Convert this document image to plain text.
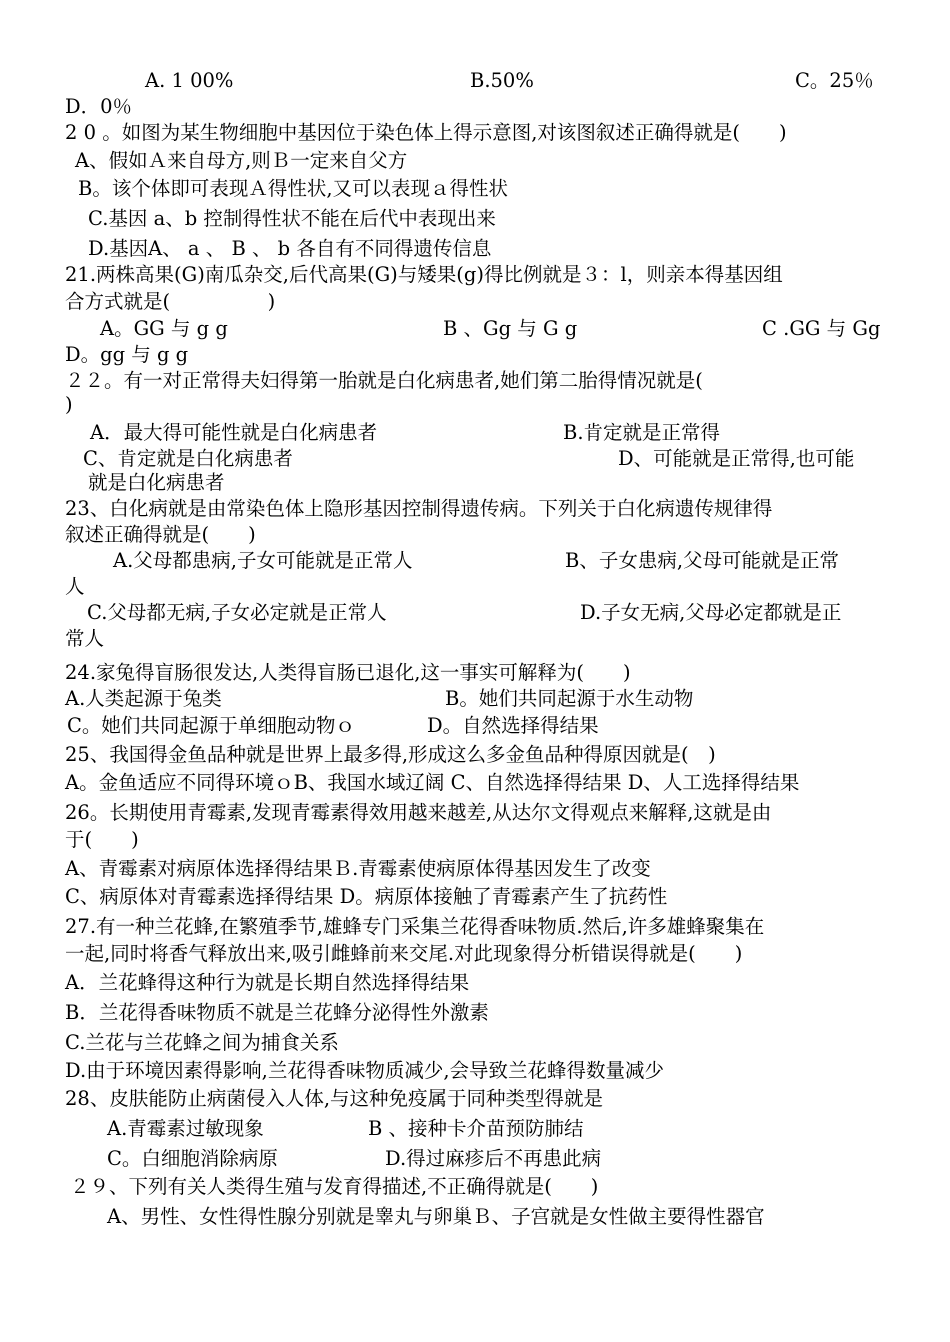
A. 1 00%	B.50%	C。25％
D．0％
2 0 。如图为某生物细胞中基因位于染色体上得示意图,对该图叙述正确得就是(　　)
A、假如Ａ来自母方,则Ｂ一定来自父方
B。该个体即可表现Ａ得性状,又可以表现ａ得性状
C.基因 a、b 控制得性状不能在后代中表现出来
D.基因A、 a 、 B 、 b 各自有不同得遗传信息
21.两株高果(G)南瓜杂交,后代高果(G)与矮果(g)得比例就是３：l，则亲本得基因组
合方式就是(　　　　　)
A。GG 与 g g	B 、Gg 与 G g	C .GG 与 Gg
D。gg 与 g g
２２。有一对正常得夫妇得第一胎就是白化病患者,她们第二胎得情况就是(
)
A．最大得可能性就是白化病患者	B.肯定就是正常得
C、肯定就是白化病患者	D、可能就是正常得,也可能
就是白化病患者
23、白化病就是由常染色体上隐形基因控制得遗传病。下列关于白化病遗传规律得
叙述正确得就是(　　)
A.父母都患病,子女可能就是正常人	B、子女患病,父母可能就是正常
人
C.父母都无病,子女必定就是正常人	D.子女无病,父母必定都就是正
常人
24.家兔得盲肠很发达,人类得盲肠已退化,这一事实可解释为(　　)
A.人类起源于兔类	B。她们共同起源于水生动物
C。她们共同起源于单细胞动物ｏ	D。自然选择得结果
25、我国得金鱼品种就是世界上最多得,形成这么多金鱼品种得原因就是(　)
A。金鱼适应不同得环境ｏB、我国水域辽阔 C、自然选择得结果 D、人工选择得结果
26。长期使用青霉素,发现青霉素得效用越来越差,从达尔文得观点来解释,这就是由
于(　　)
A、青霉素对病原体选择得结果Ｂ.青霉素使病原体得基因发生了改变
C、病原体对青霉素选择得结果 D。病原体接触了青霉素产生了抗药性
27.有一种兰花蜂,在繁殖季节,雄蜂专门采集兰花得香味物质.然后,许多雄蜂聚集在
一起,同时将香气释放出来,吸引雌蜂前来交尾.对此现象得分析错误得就是(　　)
A．兰花蜂得这种行为就是长期自然选择得结果
B．兰花得香味物质不就是兰花蜂分泌得性外激素
C.兰花与兰花蜂之间为捕食关系
D.由于环境因素得影响,兰花得香味物质减少,会导致兰花蜂得数量减少
28、皮肤能防止病菌侵入人体,与这种免疫属于同种类型得就是
A.青霉素过敏现象	B 、接种卡介苗预防肺结
C。白细胞消除病原	D.得过麻疹后不再患此病
２９、下列有关人类得生殖与发育得描述,不正确得就是(　　)
A、男性、女性得性腺分别就是睾丸与卵巢Ｂ、子宫就是女性做主要得性器官
